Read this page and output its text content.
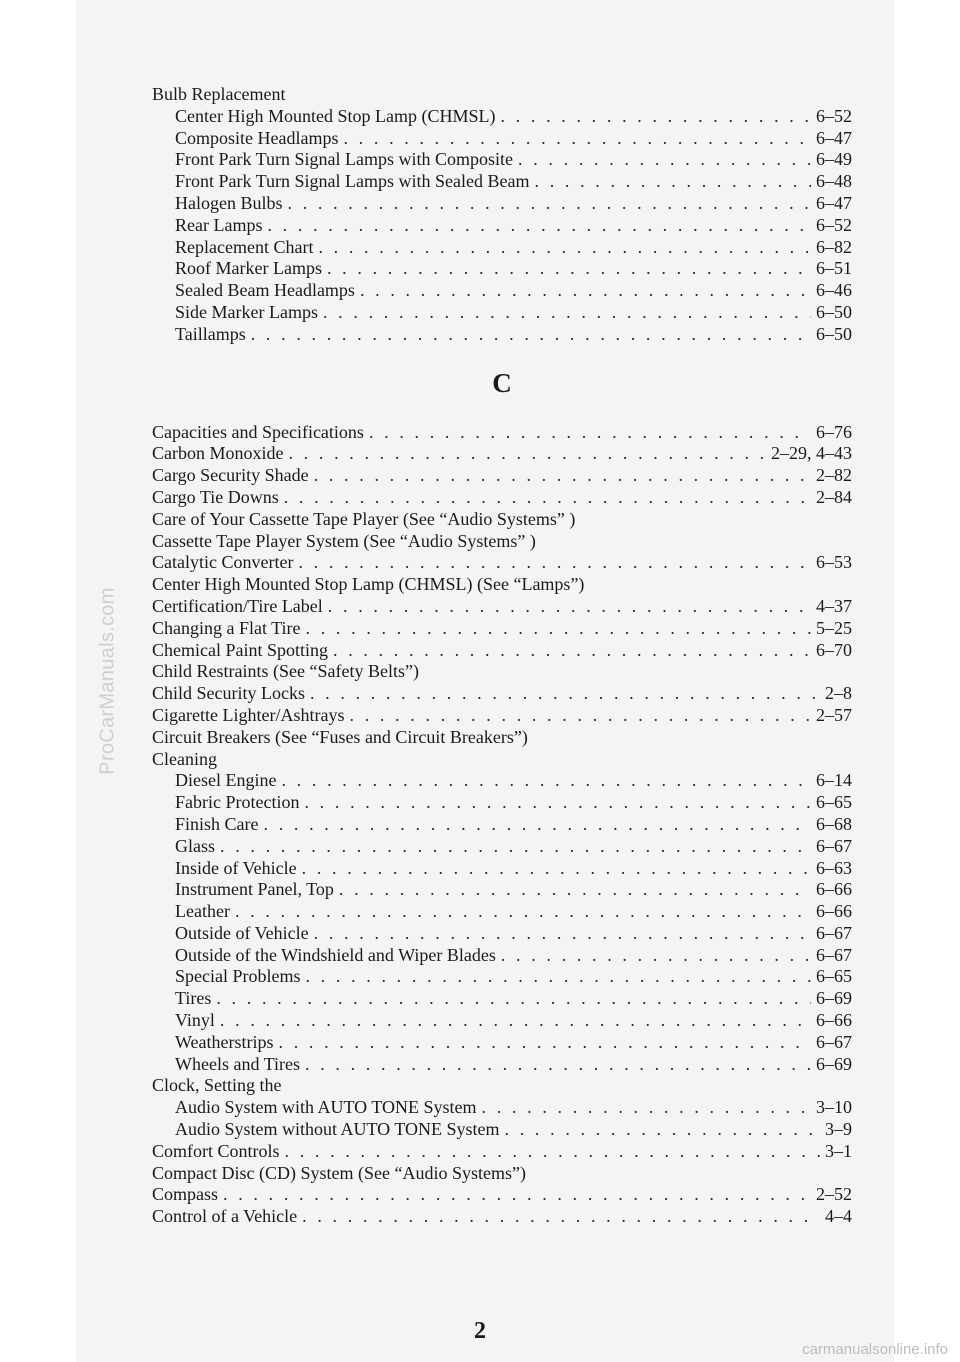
ProCarManuals.com
Bulb Replacement
Center High Mounted Stop Lamp (CHMSL) . . .	6–52
Composite Headlamps . . .	6–47
Front Park Turn Signal Lamps with Composite . . .	6–49
Front Park Turn Signal Lamps with Sealed Beam . . .	6–48
Halogen Bulbs . . .	6–47
Rear Lamps . . .	6–52
Replacement Chart . . .	6–82
Roof Marker Lamps . . .	6–51
Sealed Beam Headlamps . . .	6–46
Side Marker Lamps . . .	6–50
Taillamps . . .	6–50
C
Capacities and Specifications . . .	6–76
Carbon Monoxide . . .	2–29, 4–43
Cargo Security Shade . . .	2–82
Cargo Tie Downs . . .	2–84
Care of Your Cassette Tape Player (See “Audio Systems” )
Cassette Tape Player System (See “Audio Systems” )
Catalytic Converter . . .	6–53
Center High Mounted Stop Lamp (CHMSL) (See “Lamps”)
Certification/Tire Label . . .	4–37
Changing a Flat Tire . . .	5–25
Chemical Paint Spotting . . .	6–70
Child Restraints (See “Safety Belts”)
Child Security Locks . . .	2–8
Cigarette Lighter/Ashtrays . . .	2–57
Circuit Breakers (See “Fuses and Circuit Breakers”)
Cleaning
Diesel Engine . . .	6–14
Fabric Protection . . .	6–65
Finish Care . . .	6–68
Glass . . .	6–67
Inside of Vehicle . . .	6–63
Instrument Panel, Top . . .	6–66
Leather . . .	6–66
Outside of Vehicle . . .	6–67
Outside of the Windshield and Wiper Blades . . .	6–67
Special Problems . . .	6–65
Tires . . .	6–69
Vinyl . . .	6–66
Weatherstrips . . .	6–67
Wheels and Tires . . .	6–69
Clock, Setting the
Audio System with AUTO TONE System . . .	3–10
Audio System without AUTO TONE System . . .	3–9
Comfort Controls . . .	3–1
Compact Disc (CD) System (See “Audio Systems”)
Compass . . .	2–52
Control of a Vehicle . . .	4–4
2
carmanualsonline.info
